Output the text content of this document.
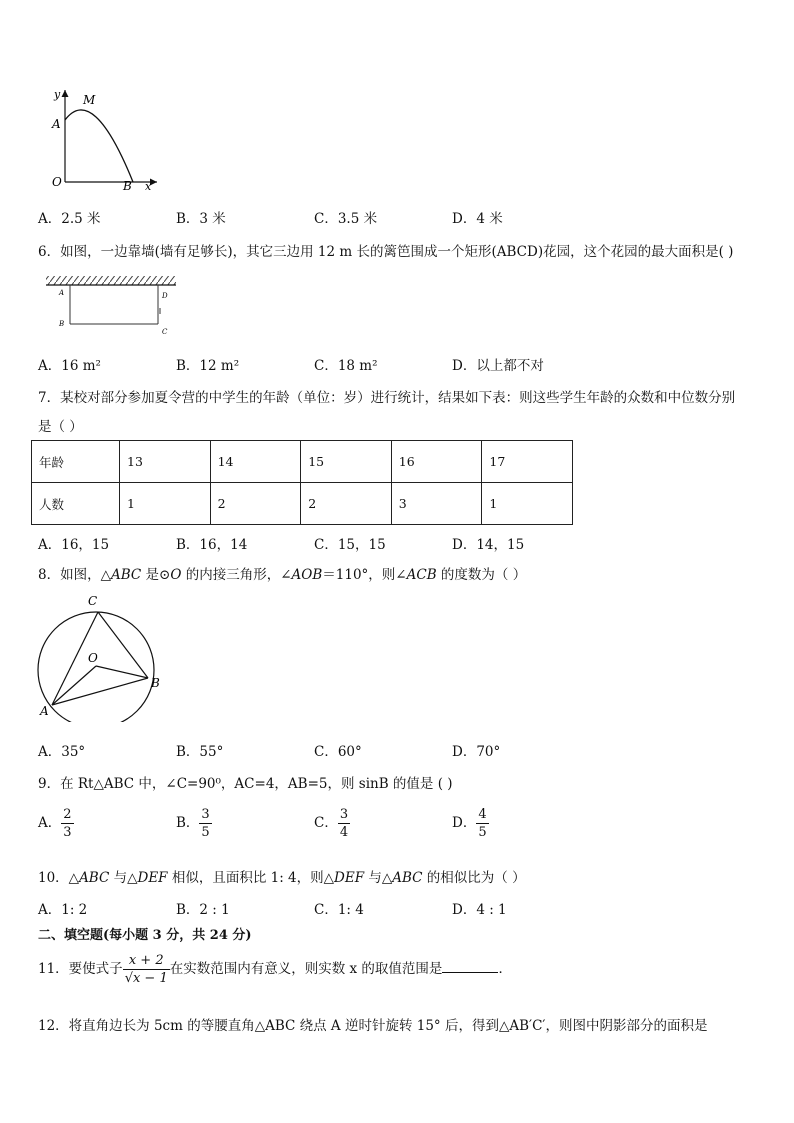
y M
A
O	B x
A．2.5 米	B．3 米	C．3.5 米	D．4 米
6．如图，一边靠墙(墙有足够长)，其它三边用 12 m 长的篱笆围成一个矩形(ABCD)花园，这个花园的最大面积是( )
A
B
C
D
A．16 m²	B．12 m²	C．18 m²	D．以上都不对
7．某校对部分参加夏令营的中学生的年龄（单位：岁）进行统计，结果如下表：则这些学生年龄的众数和中位数分别
是（ ）
年龄	13	14	15	16	17
人数	1	2	2	3	1
A．16，15	B．16，14	C．15，15	D．14，15
8．如图，△ABC 是⊙O 的内接三角形，∠AOB＝110°，则∠ACB 的度数为（ ）
C
O
B
A
A．35°	B．55°	C．60°	D．70°
9．在 Rt△ABC 中，∠C=90⁰，AC=4，AB=5，则 sinB 的值是 ( )
A． $\frac{2}{3}$	B． $\frac{3}{5}$	C． $\frac{3}{4}$	D． $\frac{4}{5}$
10．△ABC 与△DEF 相似，且面积比 1: 4，则△DEF 与△ABC 的相似比为（ ）
A．1: 2	B．2 : 1	C．1: 4	D．4 : 1
二、填空题(每小题 3 分，共 24 分)
11．要使式子 $\frac{x + 2}{√x - 1}$ 在实数范围内有意义，则实数 x 的取值范围是	．
12．将直角边长为 5cm 的等腰直角△ABC 绕点 A 逆时针旋转 15° 后，得到△AB′C′，则图中阴影部分的面积是
